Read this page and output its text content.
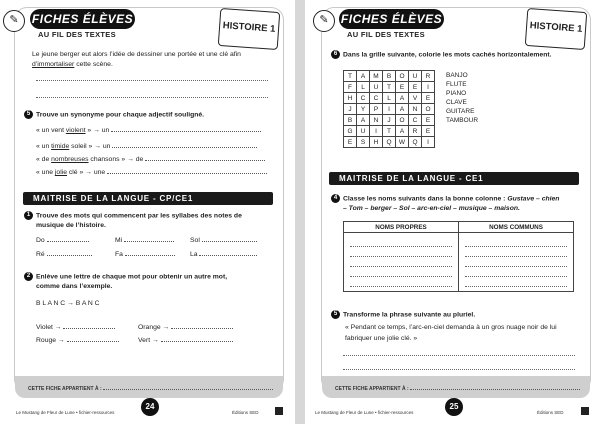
✎	FICHES ÉLÈVES
AU FIL DES TEXTES	HISTOIRE 1
Le jeune berger eut alors l’idée de dessiner une portée et une clé afin
d’immortaliser cette scène.
5 Trouve un synonyme pour chaque adjectif souligné.
« un vent violent » → un
« un timide soleil » → un
« de nombreuses chansons » → de
« une jolie clé » → une
MAITRISE DE LA LANGUE - CP/CE1
1 Trouve des mots qui commencent par les syllabes des notes de
musique de l’histoire.
Do	Mi	Sol
Ré	Fa	La
2 Enlève une lettre de chaque mot pour obtenir un autre mot,
comme dans l’exemple.
B L A N C → B A N C
Violet →	Orange →
Rouge →	Vert →
CETTE FICHE APPARTIENT À :
24
Le Mustang de Fleur de Lune • fichier-ressources	Éditions SED
✎	FICHES ÉLÈVES
AU FIL DES TEXTES	HISTOIRE 1
6 Dans la grille suivante, colorie les mots cachés horizontalement.
T	A	M	B	O	U	R
F	L	U	T	E	E	I
H	C	C	L	A	V	E
J	Y	P	I	A	N	O
B	A	N	J	O	C	E
G	U	I	T	A	R	E
E	S	H	Q	W	Q	I
BANJO
FLUTE
PIANO
CLAVE
GUITARE
TAMBOUR
MAITRISE DE LA LANGUE - CE1
4 Classe les noms suivants dans la bonne colonne : Gustave – chien
– Tom – berger – Sol – arc-en-ciel – musique – maison.
NOMS PROPRES	NOMS COMMUNS

5 Transforme la phrase suivante au pluriel.
« Pendant ce temps, l’arc-en-ciel demanda à un gros nuage noir de lui
fabriquer une jolie clé. »
CETTE FICHE APPARTIENT À :
25
Le Mustang de Fleur de Lune • fichier-ressources	Éditions SED
